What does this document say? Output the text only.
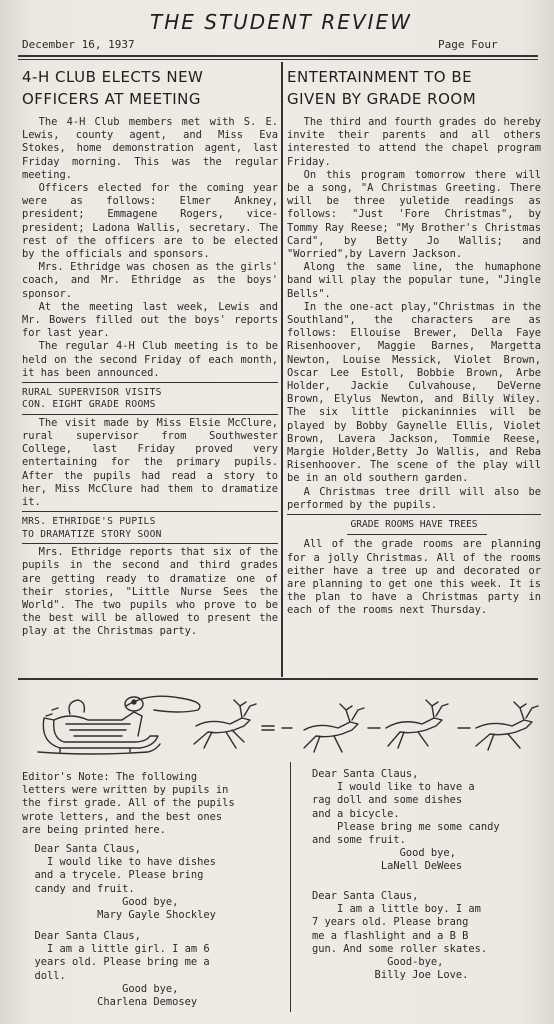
THE STUDENT REVIEW
December 16, 1937	Page Four
4-H CLUB ELECTS NEW
OFFICERS AT MEETING

The 4-H Club members met with S. E. Lewis, county agent, and Miss Eva Stokes, home demonstration agent, last Friday morning. This was the regular meeting.

Officers elected for the coming year were as follows: Elmer Ankney, president; Emmagene Rogers, vice-president; Ladona Wallis, secretary. The rest of the officers are to be elected by the officials and sponsors.

Mrs. Ethridge was chosen as the girls' coach, and Mr. Ethridge as the boys' sponsor.

At the meeting last week, Lewis and Mr. Bowers filled out the boys' reports for last year.

The regular 4-H Club meeting is to be held on the second Friday of each month, it has been announced.

RURAL SUPERVISOR VISITS
CON. EIGHT GRADE ROOMS

The visit made by Miss Elsie McClure, rural supervisor from Southwester College, last Friday proved very entertaining for the primary pupils. After the pupils had read a story to her, Miss McClure had them to dramatize it.

MRS. ETHRIDGE'S PUPILS
TO DRAMATIZE STORY SOON

Mrs. Ethridge reports that six of the pupils in the second and third grades are getting ready to dramatize one of their stories, "Little Nurse Sees the World". The two pupils who prove to be the best will be allowed to present the play at the Christmas party.

ENTERTAINMENT TO BE
GIVEN BY GRADE ROOM

The third and fourth grades do hereby invite their parents and all others interested to attend the chapel program Friday.

On this program tomorrow there will be a song, "A Christmas Greeting. There will be three yuletide readings as follows: "Just 'Fore Christmas", by Tommy Ray Reese; "My Brother's Christmas Card", by Betty Jo Wallis; and "Worried",by Lavern Jackson.

Along the same line, the humaphone band will play the popular tune, "Jingle Bells".

In the one-act play,"Christmas in the Southland", the characters are as follows: Ellouise Brewer, Della Faye Risenhoover, Maggie Barnes, Margetta Newton, Louise Messick, Violet Brown, Oscar Lee Estoll, Bobbie Brown, Arbe Holder, Jackie Culvahouse, DeVerne Brown, Elylus Newton, and Billy Wiley. The six little pickaninnies will be played by Bobby Gaynelle Ellis, Violet Brown, Lavera Jackson, Tommie Reese, Margie Holder,Betty Jo Wallis, and Reba Risenhoover. The scene of the play will be in an old southern garden.

A Christmas tree drill will also be performed by the pupils.

GRADE ROOMS HAVE TREES

All of the grade rooms are planning for a jolly Christmas. All of the rooms either have a tree up and decorated or are planning to get one this week. It is the plan to have a Christmas party in each of the rooms next Thursday.

Editor's Note: The following
letters were written by pupils in
the first grade. All of the pupils
wrote letters, and the best ones
are being printed here.
Dear Santa Claus,
I would like to have dishes
and a trycele. Please bring
candy and fruit.
Good bye,
Mary Gayle Shockley
Dear Santa Claus,
I am a little girl. I am 6
years old. Please bring me a
doll.
Good bye,
Charlena Demosey
Dear Santa Claus,
I would like to have a
rag doll and some dishes
and a bicycle.
Please bring me some candy
and some fruit.
Good bye,
LaNell DeWees
Dear Santa Claus,
I am a little boy. I am
7 years old. Please brang
me a flashlight and a B B
gun. And some roller skates.
Good-bye,
Billy Joe Love.
